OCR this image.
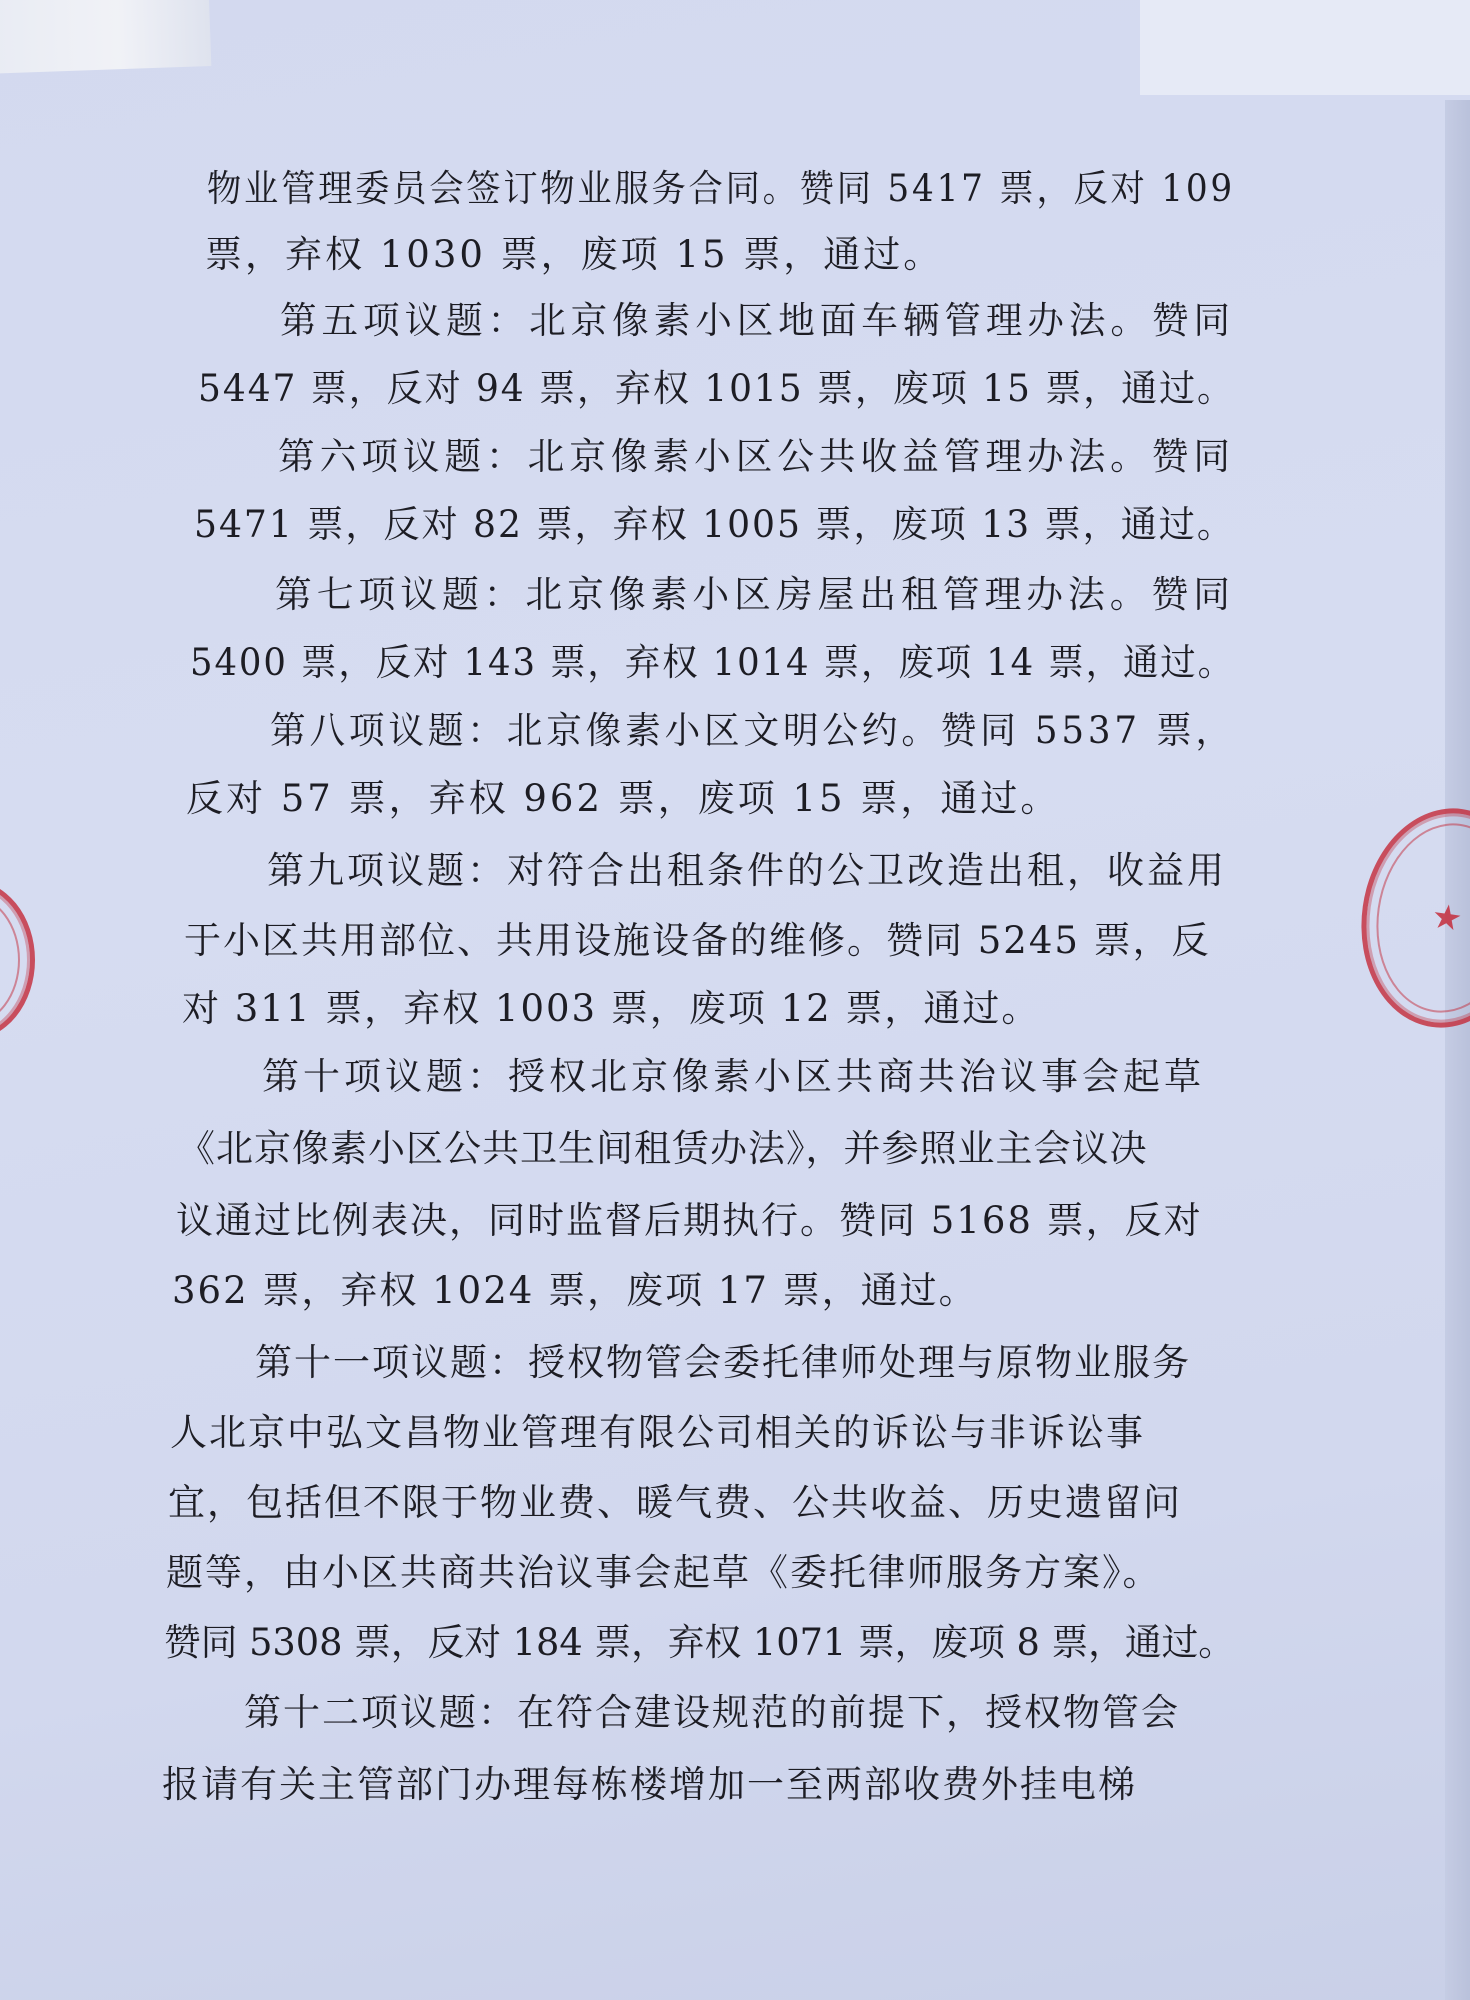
★
物业管理委员会签订物业服务合同。赞同 5417 票，反对 109
票，弃权 1030 票，废项 15 票，通过。
第五项议题：北京像素小区地面车辆管理办法。赞同
5447 票，反对 94 票，弃权 1015 票，废项 15 票，通过。
第六项议题：北京像素小区公共收益管理办法。赞同
5471 票，反对 82 票，弃权 1005 票，废项 13 票，通过。
第七项议题：北京像素小区房屋出租管理办法。赞同
5400 票，反对 143 票，弃权 1014 票，废项 14 票，通过。
第八项议题：北京像素小区文明公约。赞同 5537 票，
反对 57 票，弃权 962 票，废项 15 票，通过。
第九项议题：对符合出租条件的公卫改造出租，收益用
于小区共用部位、共用设施设备的维修。赞同 5245 票，反
对 311 票，弃权 1003 票，废项 12 票，通过。
第十项议题：授权北京像素小区共商共治议事会起草
《北京像素小区公共卫生间租赁办法》，并参照业主会议决
议通过比例表决，同时监督后期执行。赞同 5168 票，反对
362 票，弃权 1024 票，废项 17 票，通过。
第十一项议题：授权物管会委托律师处理与原物业服务
人北京中弘文昌物业管理有限公司相关的诉讼与非诉讼事
宜，包括但不限于物业费、暖气费、公共收益、历史遗留问
题等，由小区共商共治议事会起草《委托律师服务方案》。
赞同 5308 票，反对 184 票，弃权 1071 票，废项 8 票，通过。
第十二项议题：在符合建设规范的前提下，授权物管会
报请有关主管部门办理每栋楼增加一至两部收费外挂电梯
